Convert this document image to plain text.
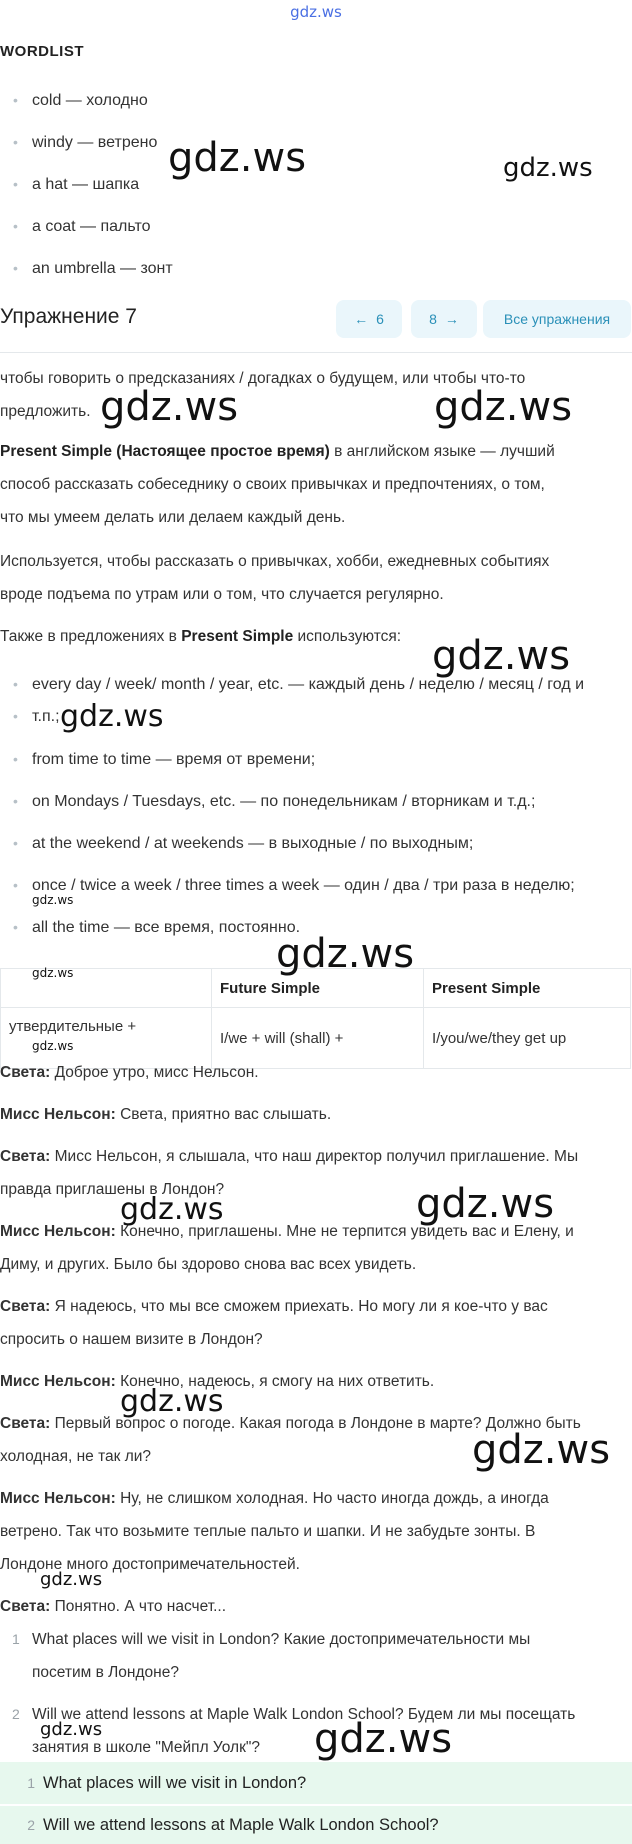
gdz.ws
WORDLIST
• cold — холодно
• windy — ветрено
• a hat — шапка
• a coat — пальто
• an umbrella — зонт
Упражнение 7	← 6	8 →	Все упражнения
чтобы говорить о предсказаниях / догадках о будущем, или чтобы что-то
предложить.
Present Simple (Настоящее простое время) в английском языке — лучший
способ рассказать собеседнику о своих привычках и предпочтениях, о том,
что мы умеем делать или делаем каждый день.
Используется, чтобы рассказать о привычках, хобби, ежедневных событиях
вроде подъема по утрам или о том, что случается регулярно.
Также в предложениях в Present Simple используются:
• every day / week/ month / year, etc. — каждый день / неделю / месяц / год и
• т.п.;
• from time to time — время от времени;
• on Mondays / Tuesdays, etc. — по понедельникам / вторникам и т.д.;
• at the weekend / at weekends — в выходные / по выходным;
• once / twice a week / three times a week — один / два / три раза в неделю;
• all the time — все время, постоянно.
	Future Simple	Present Simple
утвердительные +	I/we + will (shall) +	I/you/we/they get up
Света: Доброе утро, мисс Нельсон.
Мисс Нельсон: Света, приятно вас слышать.
Света: Мисс Нельсон, я слышала, что наш директор получил приглашение. Мы
правда приглашены в Лондон?
Мисс Нельсон: Конечно, приглашены. Мне не терпится увидеть вас и Елену, и
Диму, и других. Было бы здорово снова вас всех увидеть.
Света: Я надеюсь, что мы все сможем приехать. Но могу ли я кое-что у вас
спросить о нашем визите в Лондон?
Мисс Нельсон: Конечно, надеюсь, я смогу на них ответить.
Света: Первый вопрос о погоде. Какая погода в Лондоне в марте? Должно быть
холодная, не так ли?
Мисс Нельсон: Ну, не слишком холодная. Но часто иногда дождь, а иногда
ветрено. Так что возьмите теплые пальто и шапки. И не забудьте зонты. В
Лондоне много достопримечательностей.
Света: Понятно. А что насчет...
1 What places will we visit in London? Какие достопримечательности мы
посетим в Лондоне?
2 Will we attend lessons at Maple Walk London School? Будем ли мы посещать
занятия в школе "Мейпл Уолк"?
1 What places will we visit in London?
2 Will we attend lessons at Maple Walk London School?
gdz.ws	gdz.ws
gdz.ws	gdz.ws
gdz.ws
gdz.ws
gdz.ws
gdz.ws
gdz.ws
gdz.ws
gdz.ws	gdz.ws
gdz.ws
gdz.ws
gdz.ws
gdz.ws	gdz.ws
